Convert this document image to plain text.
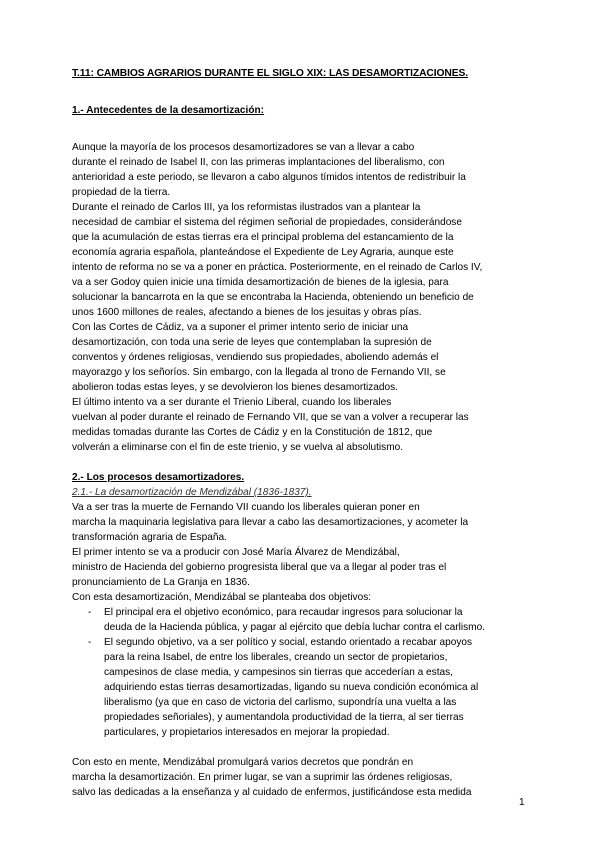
T.11: CAMBIOS AGRARIOS DURANTE EL SIGLO XIX: LAS DESAMORTIZACIONES.
1.- Antecedentes de la desamortización:
Aunque la mayoría de los procesos desamortizadores se van a llevar a cabo
durante el reinado de Isabel II, con las primeras implantaciones del liberalismo, con
anterioridad a este periodo, se llevaron a cabo algunos tímidos intentos de redistribuir la
propiedad de la tierra.
Durante el reinado de Carlos III, ya los reformistas ilustrados van a plantear la
necesidad de cambiar el sistema del régimen señorial de propiedades, considerándose
que la acumulación de estas tierras era el principal problema del estancamiento de la
economía agraria española, planteándose el Expediente de Ley Agraria, aunque este
intento de reforma no se va a poner en práctica. Posteriormente, en el reinado de Carlos IV,
va a ser Godoy quien inicie una tímida desamortización de bienes de la iglesia, para
solucionar la bancarrota en la que se encontraba la Hacienda, obteniendo un beneficio de
unos 1600 millones de reales, afectando a bienes de los jesuitas y obras pías.
Con las Cortes de Cádiz, va a suponer el primer intento serio de iniciar una
desamortización, con toda una serie de leyes que contemplaban la supresión de
conventos y órdenes religiosas, vendiendo sus propiedades, aboliendo además el
mayorazgo y los señoríos. Sin embargo, con la llegada al trono de Fernando VII, se
abolieron todas estas leyes, y se devolvieron los bienes desamortizados.
El último intento va a ser durante el Trienio Liberal, cuando los liberales
vuelvan al poder durante el reinado de Fernando VII, que se van a volver a recuperar las
medidas tomadas durante las Cortes de Cádiz y en la Constitución de 1812, que
volverán a eliminarse con el fin de este trienio, y se vuelva al absolutismo.
2.- Los procesos desamortizadores.
2.1.- La desamortización de Mendizábal (1836-1837).
Va a ser tras la muerte de Fernando VII cuando los liberales quieran poner en
marcha la maquinaria legislativa para llevar a cabo las desamortizaciones, y acometer la
transformación agraria de España.
El primer intento se va a producir con José María Álvarez de Mendizábal,
ministro de Hacienda del gobierno progresista liberal que va a llegar al poder tras el
pronunciamiento de La Granja en 1836.
Con esta desamortización, Mendizábal se planteaba dos objetivos:
- El principal era el objetivo económico, para recaudar ingresos para solucionar la
deuda de la Hacienda pública, y pagar al ejército que debía luchar contra el carlismo.
- El segundo objetivo, va a ser político y social, estando orientado a recabar apoyos
para la reina Isabel, de entre los liberales, creando un sector de propietarios,
campesinos de clase media, y campesinos sin tierras que accederían a estas,
adquiriendo estas tierras desamortizadas, ligando su nueva condición económica al
liberalismo (ya que en caso de victoria del carlismo, supondría una vuelta a las
propiedades señoriales), y aumentandola productividad de la tierra, al ser tierras
particulares, y propietarios interesados en mejorar la propiedad.
Con esto en mente, Mendizábal promulgará varios decretos que pondrán en
marcha la desamortización. En primer lugar, se van a suprimir las órdenes religiosas,
salvo las dedicadas a la enseñanza y al cuidado de enfermos, justificándose esta medida
1
